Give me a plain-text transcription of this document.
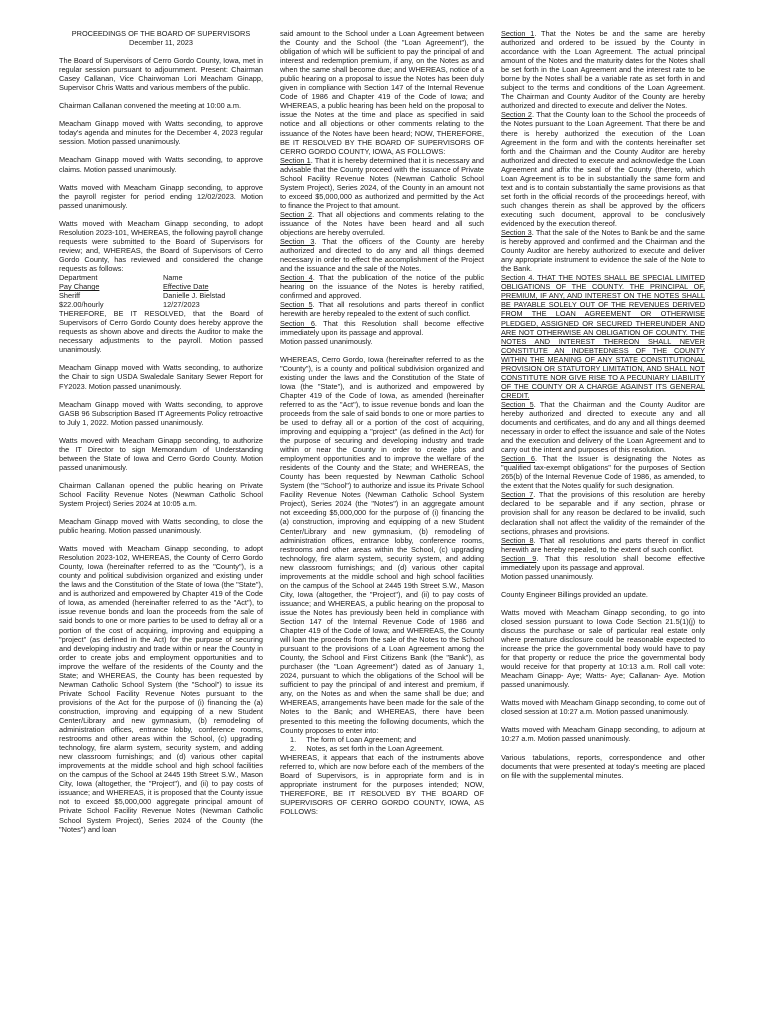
PROCEEDINGS OF THE BOARD OF SUPERVISORS

December 11, 2023

The Board of Supervisors of Cerro Gordo County, Iowa, met in regular session pursuant to adjournment. Present: Chairman Casey Callanan, Vice Chairwoman Lori Meacham Ginapp, Supervisor Chris Watts and various members of the public.

Chairman Callanan convened the meeting at 10:00 a.m.

Meacham Ginapp moved with Watts seconding, to approve today's agenda and minutes for the December 4, 2023 regular session. Motion passed unanimously.

Meacham Ginapp moved with Watts seconding, to approve claims. Motion passed unanimously.

Watts moved with Meacham Ginapp seconding, to approve the payroll register for period ending 12/02/2023. Motion passed unanimously.

Watts moved with Meacham Ginapp seconding, to adopt Resolution 2023-101, WHEREAS, the following payroll change requests were submitted to the Board of Supervisors for review; and, WHEREAS, the Board of Supervisors of Cerro Gordo County, has reviewed and considered the change requests as follows:

Department	Name
Pay Change	Effective Date
Sheriff	Danielle J. Bielstad
$22.00/hourly	12/27/2023

THEREFORE, BE IT RESOLVED, that the Board of Supervisors of Cerro Gordo County does hereby approve the requests as shown above and directs the Auditor to make the necessary adjustments to the payroll. Motion passed unanimously.

Meacham Ginapp moved with Watts seconding, to authorize the Chair to sign USDA Swaledale Sanitary Sewer Report for FY2023. Motion passed unanimously.

Meacham Ginapp moved with Watts seconding, to approve GASB 96 Subscription Based IT Agreements Policy retroactive to July 1, 2022. Motion passed unanimously.

Watts moved with Meacham Ginapp seconding, to authorize the IT Director to sign Memorandum of Understanding between the State of Iowa and Cerro Gordo County. Motion passed unanimously.

Chairman Callanan opened the public hearing on Private School Facility Revenue Notes (Newman Catholic School System Project) Series 2024 at 10:05 a.m.

Meacham Ginapp moved with Watts seconding, to close the public hearing. Motion passed unanimously.

Watts moved with Meacham Ginapp seconding, to adopt Resolution 2023-102, WHEREAS, the County of Cerro Gordo County, Iowa (hereinafter referred to as the "County"), is a county and political subdivision organized and existing under the laws and the Constitution of the State of Iowa (the "State"), and is authorized and empowered by Chapter 419 of the Code of Iowa, as amended (hereinafter referred to as the "Act"), to issue revenue bonds and loan the proceeds from the sale of said bonds to one or more parties to be used to defray all or a portion of the cost of acquiring, improving and equipping a "project" (as defined in the Act) for the purpose of securing and developing industry and trade within or near the County in order to create jobs and employment opportunities and to improve the welfare of the residents of the County and the State; and WHEREAS, the County has been requested by Newman Catholic School System (the "School") to issue its Private School Facility Revenue Notes pursuant to the provisions of the Act for the purpose of (i) financing the (a) construction, improving and equipping of a new Student Center/Library and new gymnasium, (b) remodeling of administration offices, entrance lobby, conference rooms, restrooms and other areas within the School, (c) upgrading technology, fire alarm system, security system, and adding new classroom furnishings; and (d) various other capital improvements at the middle school and high school facilities on the campus of the School at 2445 19th Street S.W., Mason City, Iowa (altogether, the "Project"), and (ii) to pay costs of issuance; and WHEREAS, it is proposed that the County issue not to exceed $5,000,000 aggregate principal amount of Private School Facility Revenue Notes (Newman Catholic School System Project), Series 2024 of the County (the "Notes") and loan

said amount to the School under a Loan Agreement between the County and the School (the "Loan Agreement"), the obligation of which will be sufficient to pay the principal of and interest and redemption premium, if any, on the Notes as and when the same shall become due; and WHEREAS, notice of a public hearing on a proposal to issue the Notes has been duly given in compliance with Section 147 of the Internal Revenue Code of 1986 and Chapter 419 of the Code of Iowa; and WHEREAS, a public hearing has been held on the proposal to issue the Notes at the time and place as specified in said notice and all objections or other comments relating to the issuance of the Notes have been heard; NOW, THEREFORE, BE IT RESOLVED BY THE BOARD OF SUPERVISORS OF CERRO GORDO COUNTY, IOWA, AS FOLLOWS:

Section 1. That it is hereby determined that it is necessary and advisable that the County proceed with the issuance of Private School Facility Revenue Notes (Newman Catholic School System Project), Series 2024, of the County in an amount not to exceed $5,000,000 as authorized and permitted by the Act to finance the Project to that amount.

Section 2. That all objections and comments relating to the issuance of the Notes have been heard and all such objections are hereby overruled.

Section 3. That the officers of the County are hereby authorized and directed to do any and all things deemed necessary in order to effect the accomplishment of the Project and the issuance and the sale of the Notes.

Section 4. That the publication of the notice of the public hearing on the issuance of the Notes is hereby ratified, confirmed and approved.

Section 5. That all resolutions and parts thereof in conflict herewith are hereby repealed to the extent of such conflict.

Section 6. That this Resolution shall become effective immediately upon its passage and approval.

Motion passed unanimously.

WHEREAS, Cerro Gordo, Iowa (hereinafter referred to as the "County"), is a county and political subdivision organized and existing under the laws and the Constitution of the State of Iowa (the "State"), and is authorized and empowered by Chapter 419 of the Code of Iowa, as amended (hereinafter referred to as the "Act"), to issue revenue bonds and loan the proceeds from the sale of said bonds to one or more parties to be used to defray all or a portion of the cost of acquiring, improving and equipping a "project" (as defined in the Act) for the purpose of securing and developing industry and trade within or near the County in order to create jobs and employment opportunities and to improve the welfare of the residents of the County and the State; and WHEREAS, the County has been requested by Newman Catholic School System (the "School") to authorize and issue its Private School Facility Revenue Notes (Newman Catholic School System Project), Series 2024 (the "Notes") in an aggregate amount not exceeding $5,000,000 for the purpose of (i) financing the (a) construction, improving and equipping of a new Student Center/Library and new gymnasium, (b) remodeling of administration offices, entrance lobby, conference rooms, restrooms and other areas within the School, (c) upgrading technology, fire alarm system, security system, and adding new classroom furnishings; and (d) various other capital improvements at the middle school and high school facilities on the campus of the School at 2445 19th Street S.W., Mason City, Iowa (altogether, the "Project"), and (ii) to pay costs of issuance; and WHEREAS, a public hearing on the proposal to issue the Notes has previously been held in compliance with Section 147 of the Internal Revenue Code of 1986 and Chapter 419 of the Code of Iowa; and WHEREAS, the County will loan the proceeds from the sale of the Notes to the School pursuant to the provisions of a Loan Agreement among the County, the School and First Citizens Bank (the "Bank"), as purchaser (the "Loan Agreement") dated as of January 1, 2024, pursuant to which the obligations of the School will be sufficient to pay the principal of and interest and premium, if any, on the Notes as and when the same shall be due; and WHEREAS, arrangements have been made for the sale of the Notes to the Bank; and WHEREAS, there have been presented to this meeting the following documents, which the County proposes to enter into:

1.     The form of Loan Agreement; and
2.     Notes, as set forth in the Loan Agreement.

WHEREAS, it appears that each of the instruments above referred to, which are now before each of the members of the Board of Supervisors, is in appropriate form and is in appropriate instrument for the purposes intended; NOW, THEREFORE, BE IT RESOLVED BY THE BOARD OF SUPERVISORS OF CERRO GORDO COUNTY, IOWA, AS FOLLOWS:

Section 1. That the Notes be and the same are hereby authorized and ordered to be issued by the County in accordance with the Loan Agreement. The actual principal amount of the Notes and the maturity dates for the Notes shall be set forth in the Loan Agreement and the interest rate to be borne by the Notes shall be a variable rate as set forth in and subject to the terms and conditions of the Loan Agreement. The Chairman and County Auditor of the County are hereby authorized and directed to execute and deliver the Notes.

Section 2. That the County loan to the School the proceeds of the Notes pursuant to the Loan Agreement. That there be and there is hereby authorized the execution of the Loan Agreement in the form and with the contents hereinafter set forth and the Chairman and the County Auditor are hereby authorized and directed to execute and acknowledge the Loan Agreement and affix the seal of the County (thereto, which Loan Agreement is to be in substantially the same form and text and is to contain substantially the same provisions as that set forth in the official records of the proceedings hereof, with such changes therein as shall be approved by the officers executing such document, approval to be conclusively evidenced by the execution thereof.

Section 3. That the sale of the Notes to Bank be and the same is hereby approved and confirmed and the Chairman and the County Auditor are hereby authorized to execute and deliver any appropriate instrument to evidence the sale of the Note to the Bank.

Section 4. THAT THE NOTES SHALL BE SPECIAL LIMITED OBLIGATIONS OF THE COUNTY. THE PRINCIPAL OF, PREMIUM, IF ANY, AND INTEREST ON THE NOTES SHALL BE PAYABLE SOLELY OUT OF THE REVENUES DERIVED FROM THE LOAN AGREEMENT OR OTHERWISE PLEDGED, ASSIGNED OR SECURED THEREUNDER AND ARE NOT OTHERWISE AN OBLIGATION OF COUNTY. THE NOTES AND INTEREST THEREON SHALL NEVER CONSTITUTE AN INDEBTEDNESS OF THE COUNTY WITHIN THE MEANING OF ANY STATE CONSTITUTIONAL PROVISION OR STATUTORY LIMITATION, AND SHALL NOT CONSTITUTE NOR GIVE RISE TO A PECUNIARY LIABILITY OF THE COUNTY OR A CHARGE AGAINST ITS GENERAL CREDIT.

Section 5. That the Chairman and the County Auditor are hereby authorized and directed to execute any and all documents and certificates, and do any and all things deemed necessary in order to effect the issuance and sale of the Notes and the execution and delivery of the Loan Agreement and to carry out the intent and purposes of this resolution.

Section 6. That the Issuer is designating the Notes as "qualified tax-exempt obligations" for the purposes of Section 265(b) of the Internal Revenue Code of 1986, as amended, to the extent that the Notes qualify for such designation.

Section 7. That the provisions of this resolution are hereby declared to be separable and if any section, phrase or provision shall for any reason be declared to be invalid, such declaration shall not affect the validity of the remainder of the sections, phrases and provisions.

Section 8. That all resolutions and parts thereof in conflict herewith are hereby repealed, to the extent of such conflict.

Section 9. That this resolution shall become effective immediately upon its passage and approval.

Motion passed unanimously.

County Engineer Billings provided an update.

Watts moved with Meacham Ginapp seconding, to go into closed session pursuant to Iowa Code Section 21.5(1)(j) to discuss the purchase or sale of particular real estate only where premature disclosure could be reasonable expected to increase the price the governmental body would have to pay for that property or reduce the price the governmental body would receive for that property at 10:13 a.m. Roll call vote: Meacham Ginapp- Aye; Watts- Aye; Callanan- Aye. Motion passed unanimously.

Watts moved with Meacham Ginapp seconding, to come out of closed session at 10:27 a.m. Motion passed unanimously.

Watts moved with Meacham Ginapp seconding, to adjourn at 10:27 a.m. Motion passed unanimously.

Various tabulations, reports, correspondence and other documents that were presented at today's meeting are placed on file with the supplemental minutes.
